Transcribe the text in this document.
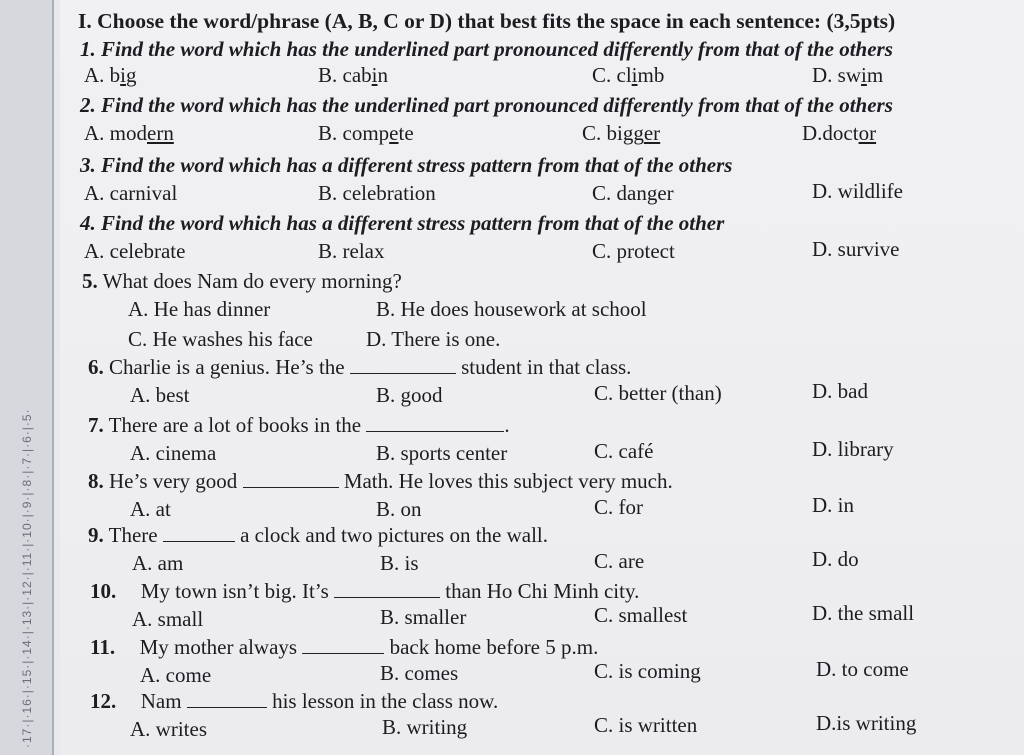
·17·|·16·|·15·|·14·|·13·|·12·|·11·|·10·|·9·|·8·|·7·|·6·|·5·
I. Choose the word/phrase (A, B, C or D) that best fits the space in each sentence: (3,5pts)
1. Find the word which has the underlined part pronounced differently from that of the others
A. big	B. cabin	C. climb	D. swim
2. Find the word which has the underlined part pronounced differently from that of the others
A. modern	B. compete	C. bigger	D.doctor
3. Find the word which has a different stress pattern from that of the others
A. carnival	B. celebration	C. danger	D. wildlife
4. Find the word which has a different stress pattern from that of the other
A. celebrate	B. relax	C. protect	D. survive
5. What does Nam do every morning?
A. He has dinner	B. He does housework at school
C. He washes his face	D. There is one.
6. Charlie is a genius. He’s the	student in that class.
A. best	B. good	C. better (than)	D. bad
7. There are a lot of books in the	.
A. cinema	B. sports center	C. café	D. library
8. He’s very good	Math. He loves this subject very much.
A. at	B. on	C. for	D. in
9. There	a clock and two pictures on the wall.
A. am	B. is	C. are	D. do
10. My town isn’t big. It’s	than Ho Chi Minh city.
A. small	B. smaller	C. smallest	D. the small
11. My mother always	back home before 5 p.m.
A. come	B. comes	C. is coming	D. to come
12. Nam	his lesson in the class now.
A. writes	B. writing	C. is written	D.is writing
